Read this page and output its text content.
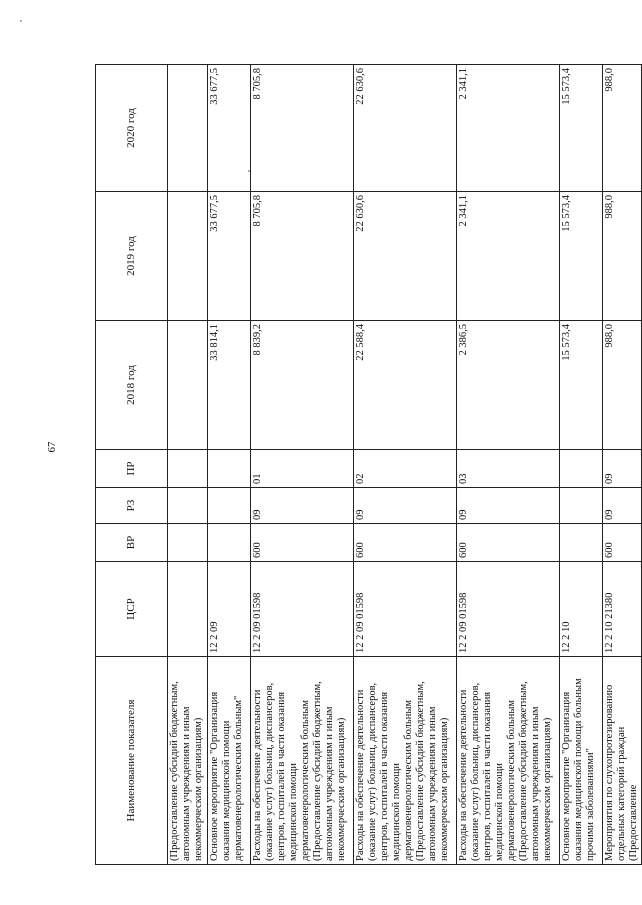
67
Наименование показателя	ЦСР	ВР	РЗ	ПР	2018 год	2019 год	2020 год
(Предоставление субсидий бюджетным, автономным учреждениям и иным некоммерческим организациям)							
Основное мероприятие "Организация оказания медицинской помощи дерматовенерологическим больным"	12 2 09				33 814,1	33 677,5	33 677,5
Расходы на обеспечение деятельности (оказание услуг) больниц, диспансеров, центров, госпиталей в части оказания медицинской помощи дерматовенерологическим больным (Предоставление субсидий бюджетным, автономным учреждениям и иным некоммерческим организациям)	12 2 09 01598	600	09	01	8 839,2	8 705,8	8 705,8
Расходы на обеспечение деятельности (оказание услуг) больниц, диспансеров, центров, госпиталей в части оказания медицинской помощи дерматовенерологическим больным (Предоставление субсидий бюджетным, автономным учреждениям и иным некоммерческим организациям)	12 2 09 01598	600	09	02	22 588,4	22 630,6	22 630,6
Расходы на обеспечение деятельности (оказание услуг) больниц, диспансеров, центров, госпиталей в части оказания медицинской помощи дерматовенерологическим больным (Предоставление субсидий бюджетным, автономным учреждениям и иным некоммерческим организациям)	12 2 09 01598	600	09	03	2 386,5	2 341,1	2 341,1
Основное мероприятие "Организация оказания медицинской помощи больным прочими заболеваниями"	12 2 10				15 573,4	15 573,4	15 573,4
Мероприятия по слухопротезированию отдельных категорий граждан (Предоставление	12 2 10 21380	600	09	09	988,0	988,0	988,0
